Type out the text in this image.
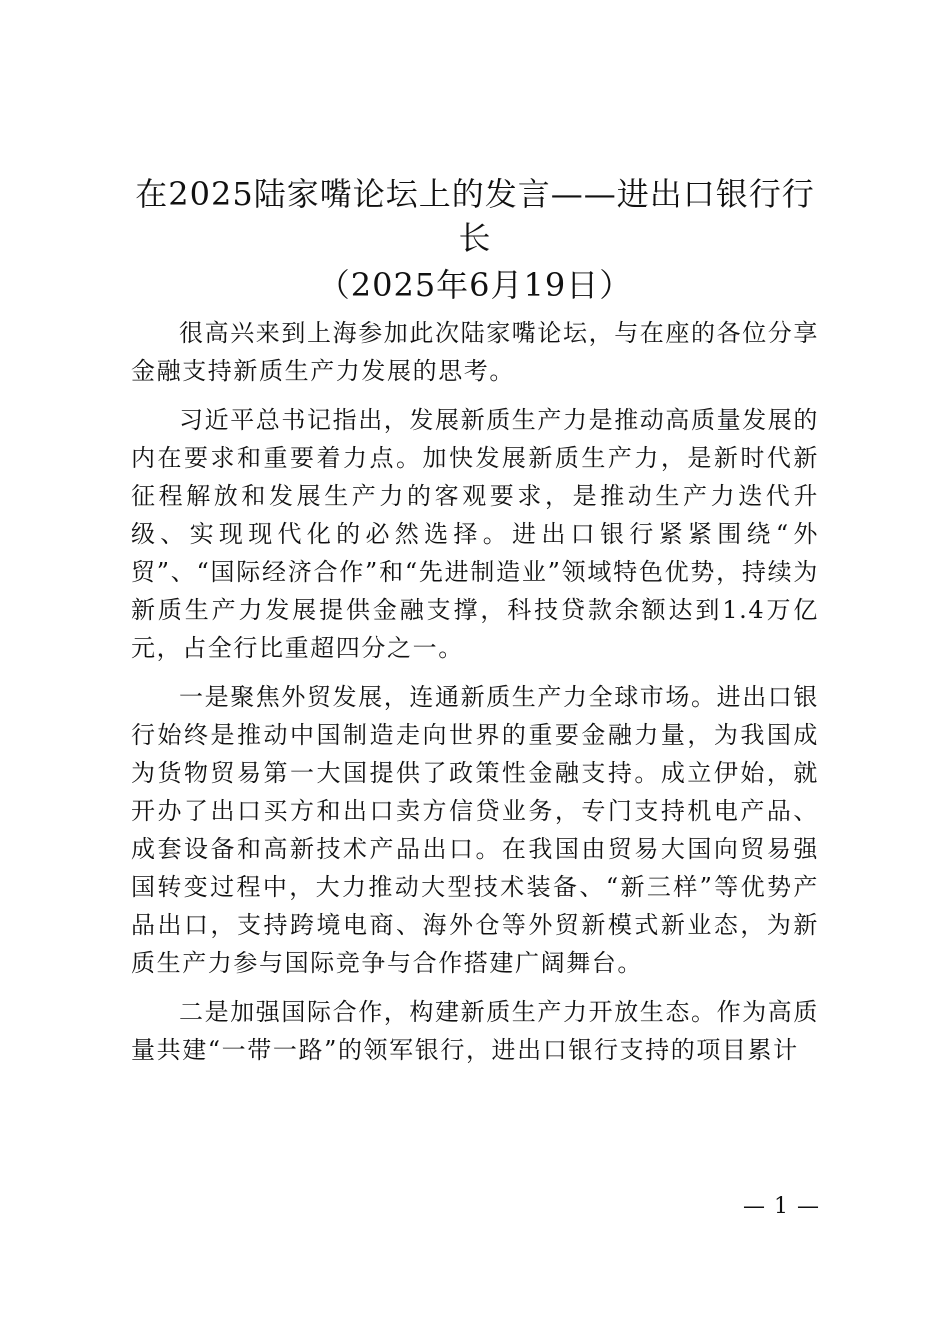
在2025陆家嘴论坛上的发言——进出口银行行长
（2025年6月19日）

很高兴来到上海参加此次陆家嘴论坛，与在座的各位分享金融支持新质生产力发展的思考。

习近平总书记指出，发展新质生产力是推动高质量发展的内在要求和重要着力点。加快发展新质生产力，是新时代新征程解放和发展生产力的客观要求，是推动生产力迭代升级、实现现代化的必然选择。进出口银行紧紧围绕“外贸”、“国际经济合作”和“先进制造业”领域特色优势，持续为新质生产力发展提供金融支撑，科技贷款余额达到1.4万亿元，占全行比重超四分之一。

一是聚焦外贸发展，连通新质生产力全球市场。进出口银行始终是推动中国制造走向世界的重要金融力量，为我国成为货物贸易第一大国提供了政策性金融支持。成立伊始，就开办了出口买方和出口卖方信贷业务，专门支持机电产品、成套设备和高新技术产品出口。在我国由贸易大国向贸易强国转变过程中，大力推动大型技术装备、“新三样”等优势产品出口，支持跨境电商、海外仓等外贸新模式新业态，为新质生产力参与国际竞争与合作搭建广阔舞台。

二是加强国际合作，构建新质生产力开放生态。作为高质量共建“一带一路”的领军银行，进出口银行支持的项目累计

— 1 —
